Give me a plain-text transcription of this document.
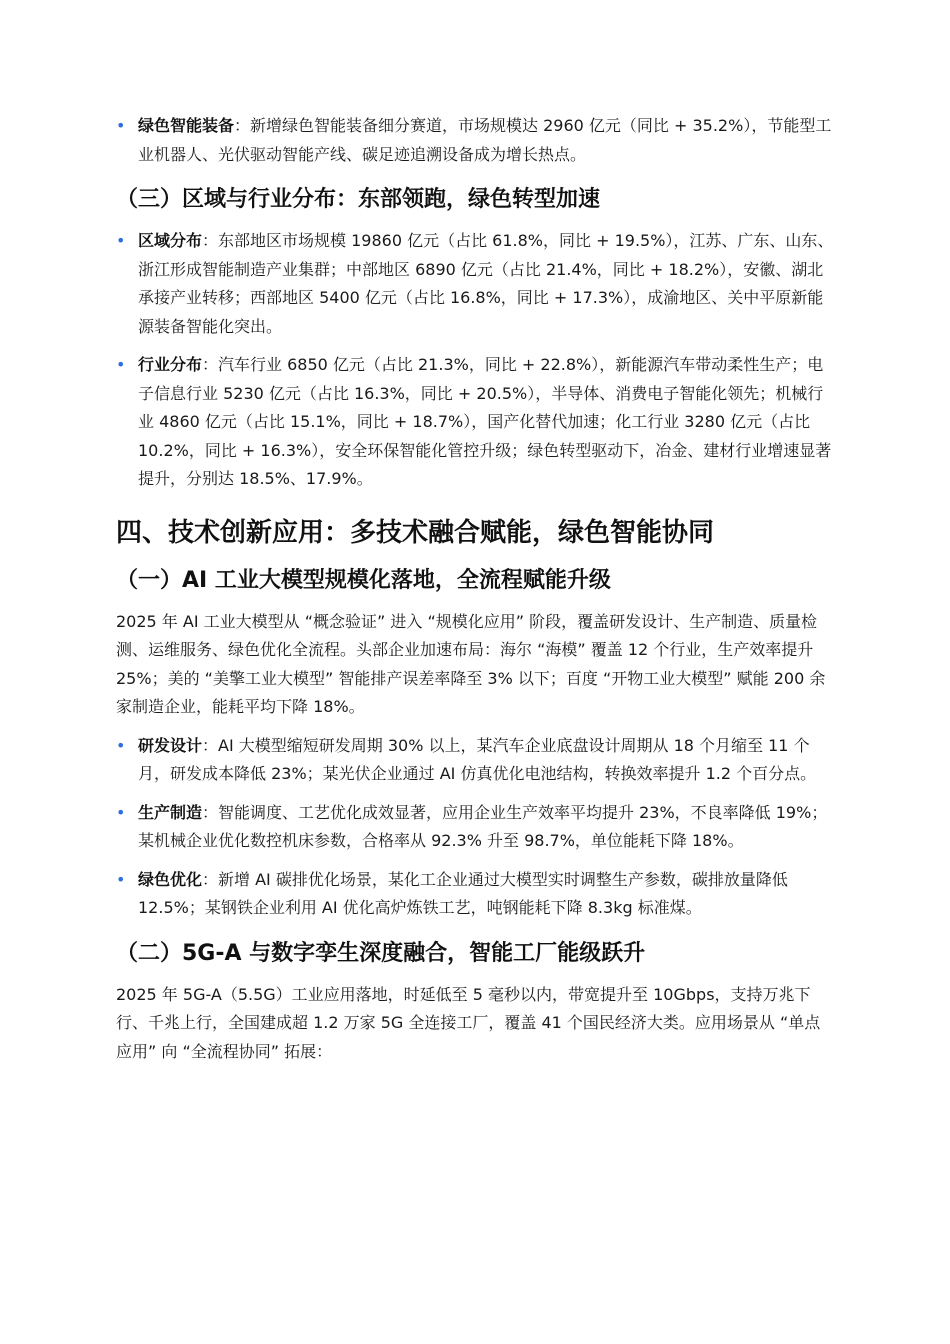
• 绿色智能装备：新增绿色智能装备细分赛道，市场规模达 2960 亿元（同比 + 35.2%），节能型工业机器人、光伏驱动智能产线、碳足迹追溯设备成为增长热点。
（三）区域与行业分布：东部领跑，绿色转型加速
• 区域分布：东部地区市场规模 19860 亿元（占比 61.8%，同比 + 19.5%），江苏、广东、山东、浙江形成智能制造产业集群；中部地区 6890 亿元（占比 21.4%，同比 + 18.2%），安徽、湖北承接产业转移；西部地区 5400 亿元（占比 16.8%，同比 + 17.3%），成渝地区、关中平原新能源装备智能化突出。
• 行业分布：汽车行业 6850 亿元（占比 21.3%，同比 + 22.8%），新能源汽车带动柔性生产；电子信息行业 5230 亿元（占比 16.3%，同比 + 20.5%），半导体、消费电子智能化领先；机械行业 4860 亿元（占比 15.1%，同比 + 18.7%），国产化替代加速；化工行业 3280 亿元（占比 10.2%，同比 + 16.3%），安全环保智能化管控升级；绿色转型驱动下，冶金、建材行业增速显著提升，分别达 18.5%、17.9%。
四、技术创新应用：多技术融合赋能，绿色智能协同
（一）AI 工业大模型规模化落地，全流程赋能升级
2025 年 AI 工业大模型从 “概念验证” 进入 “规模化应用” 阶段，覆盖研发设计、生产制造、质量检测、运维服务、绿色优化全流程。头部企业加速布局：海尔 “海模” 覆盖 12 个行业，生产效率提升 25%；美的 “美擎工业大模型” 智能排产误差率降至 3% 以下；百度 “开物工业大模型” 赋能 200 余家制造企业，能耗平均下降 18%。
• 研发设计：AI 大模型缩短研发周期 30% 以上，某汽车企业底盘设计周期从 18 个月缩至 11 个月，研发成本降低 23%；某光伏企业通过 AI 仿真优化电池结构，转换效率提升 1.2 个百分点。
• 生产制造：智能调度、工艺优化成效显著，应用企业生产效率平均提升 23%，不良率降低 19%；某机械企业优化数控机床参数，合格率从 92.3% 升至 98.7%，单位能耗下降 18%。
• 绿色优化：新增 AI 碳排优化场景，某化工企业通过大模型实时调整生产参数，碳排放量降低 12.5%；某钢铁企业利用 AI 优化高炉炼铁工艺，吨钢能耗下降 8.3kg 标准煤。
（二）5G-A 与数字孪生深度融合，智能工厂能级跃升
2025 年 5G-A（5.5G）工业应用落地，时延低至 5 毫秒以内，带宽提升至 10Gbps，支持万兆下行、千兆上行，全国建成超 1.2 万家 5G 全连接工厂，覆盖 41 个国民经济大类。应用场景从 “单点应用” 向 “全流程协同” 拓展：
